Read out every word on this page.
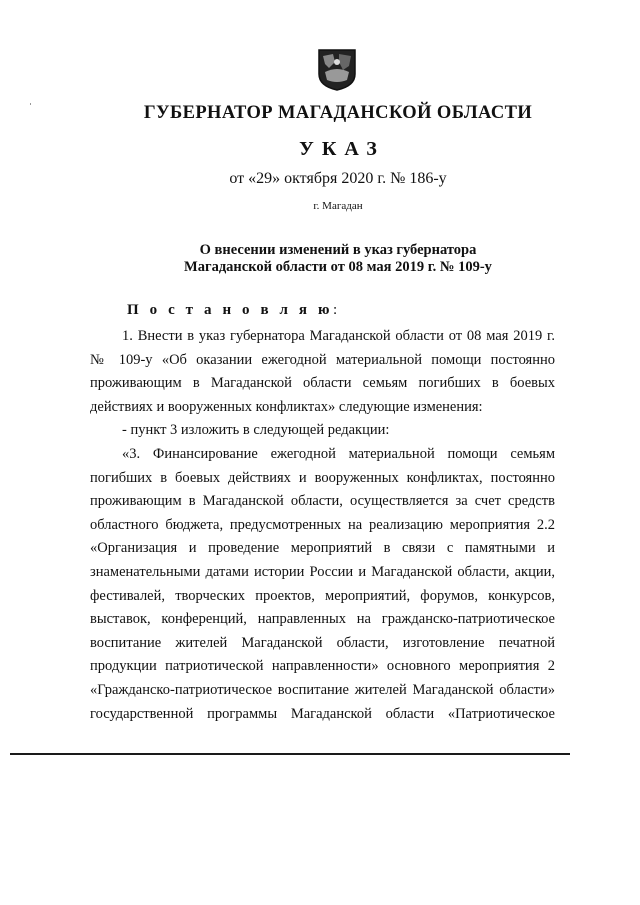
ГУБЕРНАТОР МАГАДАНСКОЙ ОБЛАСТИ
УКАЗ
от «29» октября 2020 г. № 186-у
г. Магадан
О внесении изменений в указ губернатора
Магаданской области от 08 мая 2019 г. № 109-у
П о с т а н о в л я ю:

1. Внести в указ губернатора Магаданской области от 08 мая 2019 г. № 109-у «Об оказании ежегодной материальной помощи постоянно проживающим в Магаданской области семьям погибших в боевых действиях и вооруженных конфликтах» следующие изменения:

- пункт 3 изложить в следующей редакции:

«3. Финансирование ежегодной материальной помощи семьям погибших в боевых действиях и вооруженных конфликтах, постоянно проживающим в Магаданской области, осуществляется за счет средств областного бюджета, предусмотренных на реализацию мероприятия 2.2 «Организация и проведение мероприятий в связи с памятными и знаменательными датами истории России и Магаданской области, акции, фестивалей, творческих проектов, мероприятий, форумов, конкурсов, выставок, конференций, направленных на гражданско-патриотическое воспитание жителей Магаданской области, изготовление печатной продукции патриотической направленности» основного мероприятия 2 «Гражданско-патриотическое воспитание жителей Магаданской области» государственной программы Магаданской области «Патриотическое
